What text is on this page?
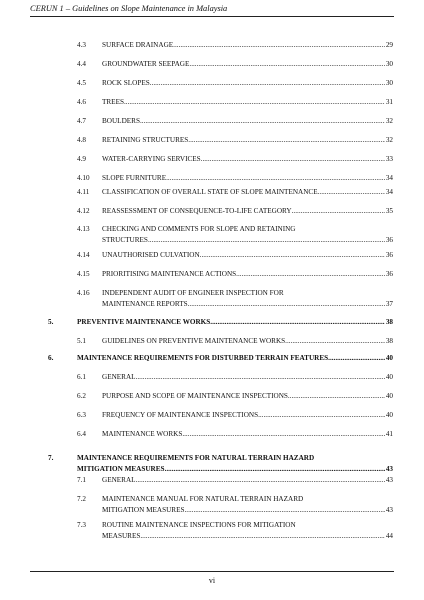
CERUN 1 – Guidelines on Slope Maintenance in Malaysia
4.3 SURFACE DRAINAGE .....	29
4.4 GROUNDWATER SEEPAGE .....	30
4.5 ROCK SLOPES .....	30
4.6 TREES .....	31
4.7 BOULDERS .....	32
4.8 RETAINING STRUCTURES .....	32
4.9 WATER-CARRYING SERVICES .....	33
4.10 SLOPE FURNITURE .....	34
4.11 CLASSIFICATION OF OVERALL STATE OF SLOPE MAINTENANCE .....	34
4.12 REASSESSMENT OF CONSEQUENCE-TO-LIFE CATEGORY .....	35
4.13 CHECKING AND COMMENTS FOR SLOPE AND RETAINING
STRUCTURES .....	36
4.14 UNAUTHORISED CULVATION .....	36
4.15 PRIORITISING MAINTENANCE ACTIONS .....	36
4.16 INDEPENDENT AUDIT OF ENGINEER INSPECTION FOR
MAINTENANCE REPORTS .....	37
5.	PREVENTIVE MAINTENANCE WORKS .....	38
5.1 GUIDELINES ON PREVENTIVE MAINTENANCE WORKS .....	38
6.	MAINTENANCE REQUIREMENTS FOR DISTURBED TERRAIN FEATURES .....	40
6.1 GENERAL .....	40
6.2 PURPOSE AND SCOPE OF MAINTENANCE INSPECTIONS .....	40
6.3 FREQUENCY OF MAINTENANCE INSPECTIONS .....	40
6.4 MAINTENANCE WORKS .....	41
7.	MAINTENANCE REQUIREMENTS FOR NATURAL TERRAIN HAZARD
MITIGATION MEASURES .....	43
7.1 GENERAL .....	43
7.2 MAINTENANCE MANUAL FOR NATURAL TERRAIN HAZARD
MITIGATION MEASURES .....	43
7.3 ROUTINE MAINTENANCE INSPECTIONS FOR MITIGATION
MEASURES .....	44
vi
